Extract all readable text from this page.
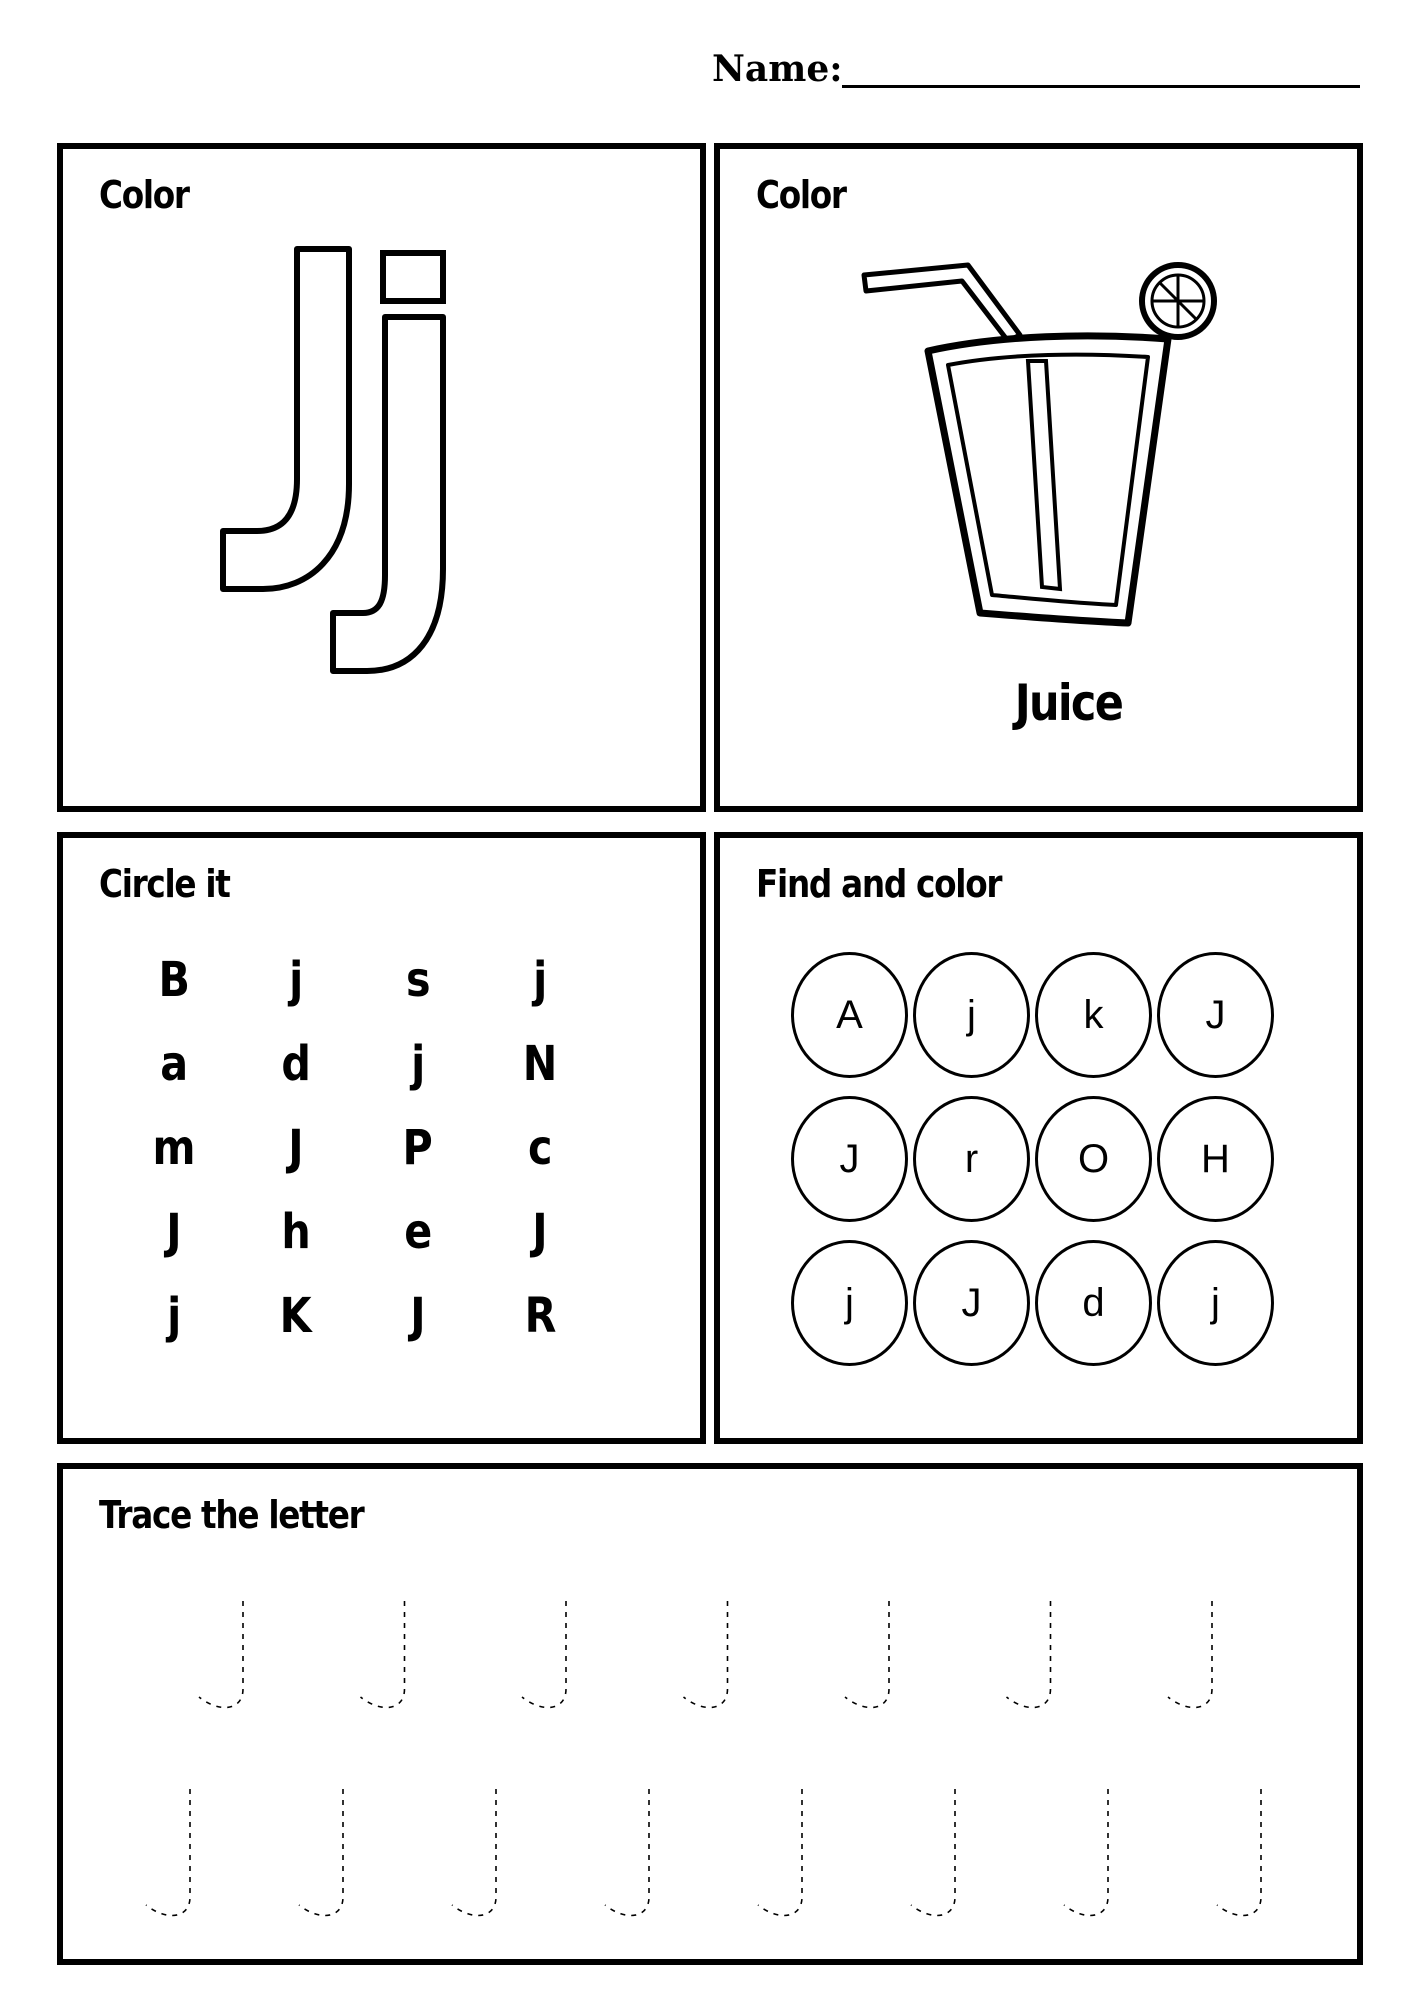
Name:
Color	Color
Juice
Circle it
B j s j
a d j N
m J P c
J h e J
j K J R
Find and color
A	j	k	J
J	r	O	H
j	J	d	j
Trace the letter
